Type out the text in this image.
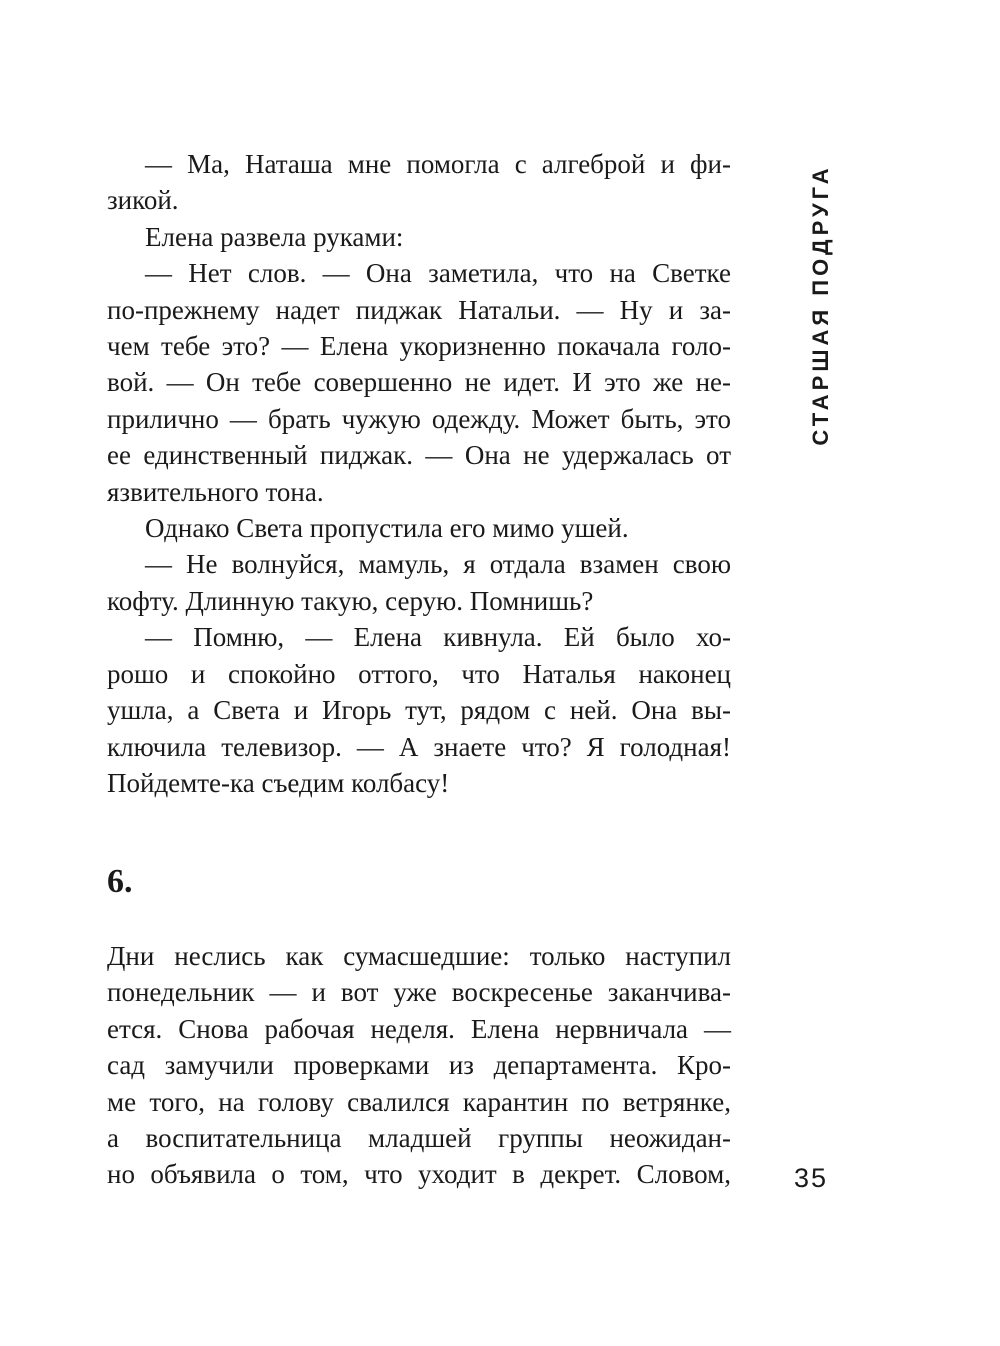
СТАРШАЯ ПОДРУГА
— Ма, Наташа мне помогла с алгеброй и фи-
зикой.
Елена развела руками:
— Нет слов. — Она заметила, что на Светке
по-прежнему надет пиджак Натальи. — Ну и за-
чем тебе это? — Елена укоризненно покачала голо-
вой. — Он тебе совершенно не идет. И это же не-
прилично — брать чужую одежду. Может быть, это
ее единственный пиджак. — Она не удержалась от
язвительного тона.
Однако Света пропустила его мимо ушей.
— Не волнуйся, мамуль, я отдала взамен свою
кофту. Длинную такую, серую. Помнишь?
— Помню, — Елена кивнула. Ей было хо-
рошо и спокойно оттого, что Наталья наконец
ушла, а Света и Игорь тут, рядом с ней. Она вы-
ключила телевизор. — А знаете что? Я голодная!
Пойдемте-ка съедим колбасу!
6.
Дни неслись как сумасшедшие: только наступил
понедельник — и вот уже воскресенье заканчива-
ется. Снова рабочая неделя. Елена нервничала —
сад замучили проверками из департамента. Кро-
ме того, на голову свалился карантин по ветрянке,
а воспитательница младшей группы неожидан-
но объявила о том, что уходит в декрет. Словом, 35
